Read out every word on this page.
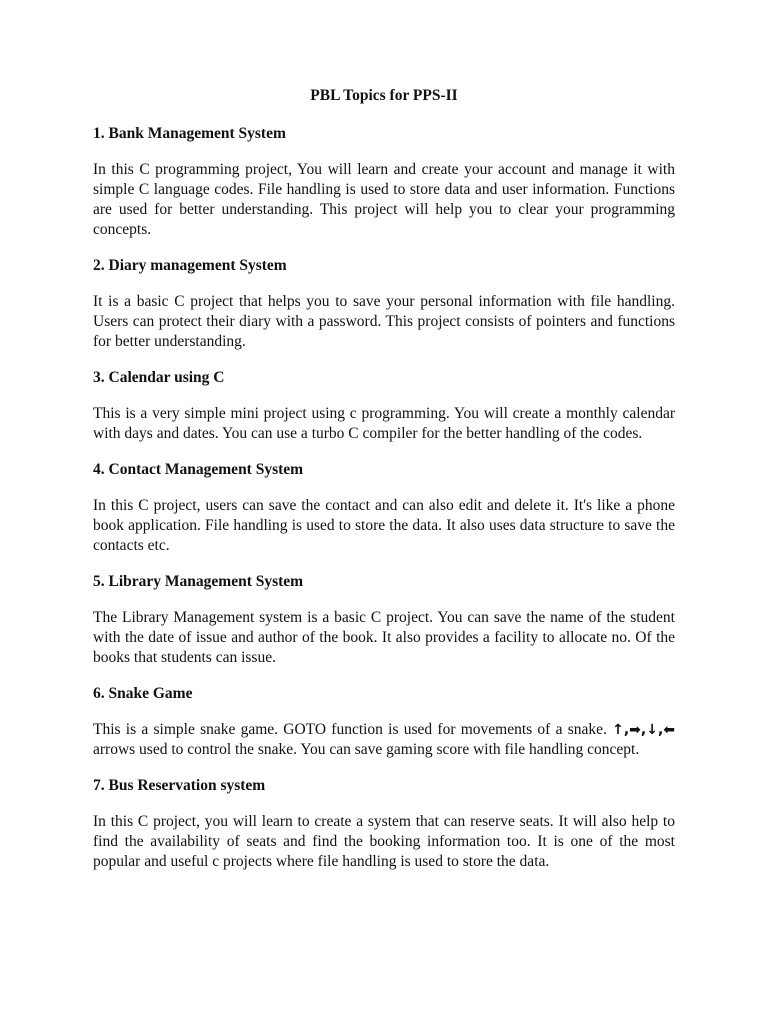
PBL Topics for PPS-II
1. Bank Management System
In this C programming project, You will learn and create your account and manage it with simple C language codes. File handling is used to store data and user information. Functions are used for better understanding. This project will help you to clear your programming concepts.
2. Diary management System
It is a basic C project that helps you to save your personal information with file handling. Users can protect their diary with a password. This project consists of pointers and functions for better understanding.
3. Calendar using C
This is a very simple mini project using c programming. You will create a monthly calendar with days and dates. You can use a turbo C compiler for the better handling of the codes.
4. Contact Management System
In this C project, users can save the contact and can also edit and delete it. It's like a phone book application. File handling is used to store the data. It also uses data structure to save the contacts etc.
5. Library Management System
The Library Management system is a basic C project. You can save the name of the student with the date of issue and author of the book. It also provides a facility to allocate no. Of the books that students can issue.
6. Snake Game
This is a simple snake game. GOTO function is used for movements of a snake. ↑,➡,↓,⬅ arrows used to control the snake. You can save gaming score with file handling concept.
7. Bus Reservation system
In this C project, you will learn to create a system that can reserve seats. It will also help to find the availability of seats and find the booking information too. It is one of the most popular and useful c projects where file handling is used to store the data.
